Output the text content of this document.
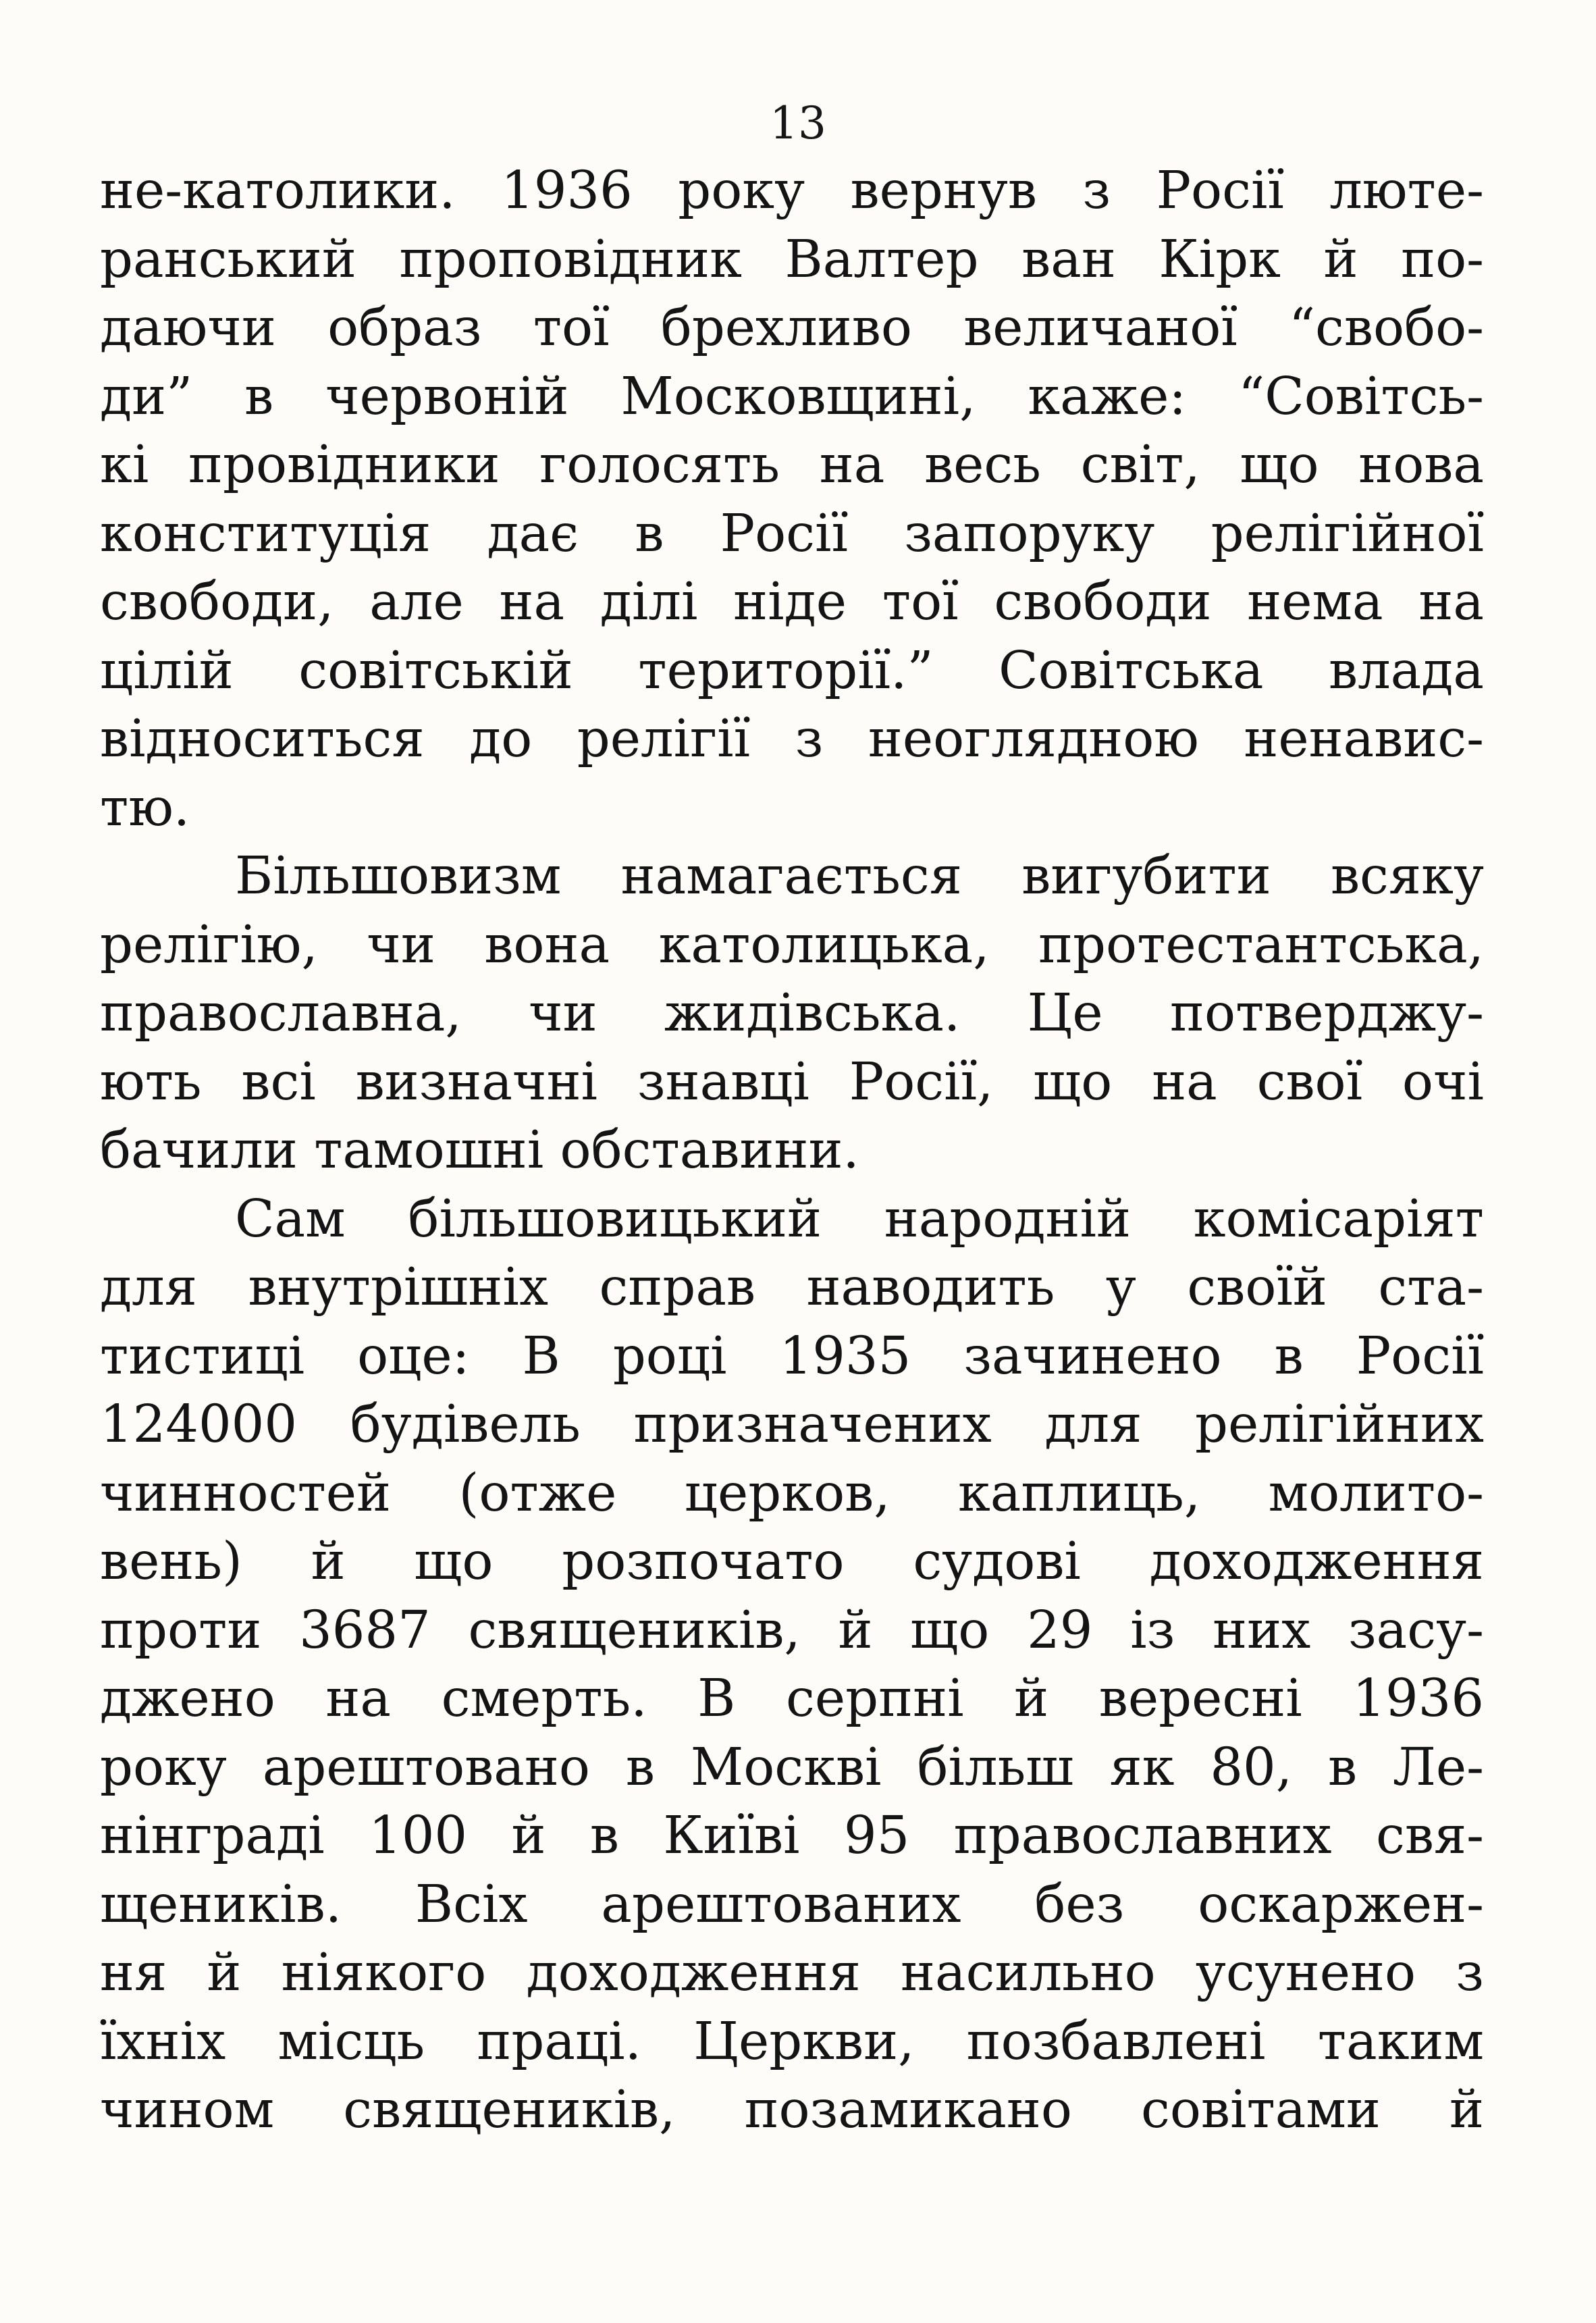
13
не-католики. 1936 року вернув з Росії люте-
ранський проповідник Валтер ван Кірк й по-
даючи образ тої брехливо величаної “свобо-
ди” в червоній Московщині, каже: “Совітсь-
кі провідники голосять на весь світ, що нова
конституція дає в Росії запоруку релігійної
свободи, але на ділі ніде тої свободи нема на
цілій совітській території.” Совітська влада
відноситься до релігії з неоглядною ненавис-
тю.
Більшовизм намагається вигубити всяку
релігію, чи вона католицька, протестантська,
православна, чи жидівська. Це потверджу-
ють всі визначні знавці Росії, що на свої очі
бачили тамошні обставини.
Сам більшовицький народній комісаріят
для внутрішніх справ наводить у своїй ста-
тистиці оце: В році 1935 зачинено в Росії
124000 будівель призначених для релігійних
чинностей (отже церков, каплиць, молито-
вень) й що розпочато судові доходження
проти 3687 священиків, й що 29 із них засу-
джено на смерть. В серпні й вересні 1936
року арештовано в Москві більш як 80, в Ле-
нінграді 100 й в Київі 95 православних свя-
щеників. Всіх арештованих без оскаржен-
ня й ніякого доходження насильно усунено з
їхніх місць праці. Церкви, позбавлені таким
чином священиків, позамикано совітами й
